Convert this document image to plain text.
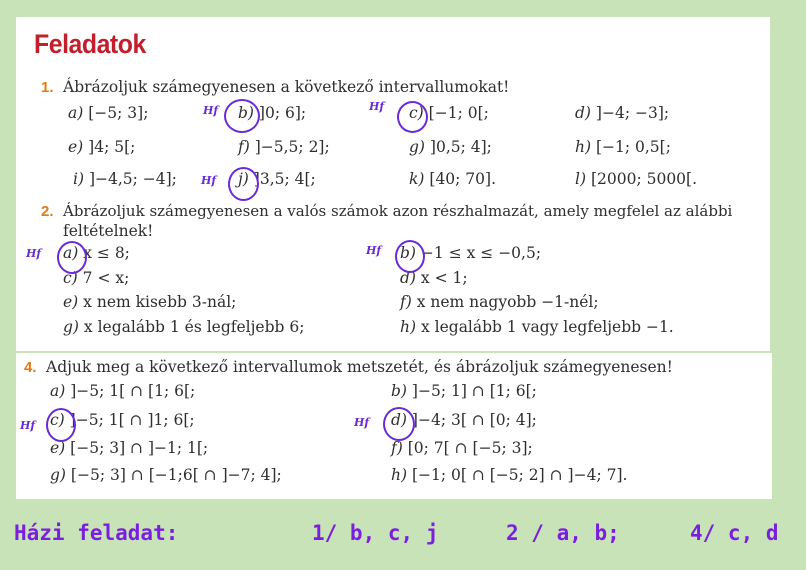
Feladatok
1. Ábrázoljuk számegyenesen a következő intervallumokat!
a) [−5; 3];	b) ]0; 6];	c) [−1; 0[;	d) ]−4; −3];
e) ]4; 5[;	f) ]−5,5; 2];	g) ]0,5; 4];	h) [−1; 0,5[;
i) ]−4,5; −4];	j) ]3,5; 4[;	k) [40; 70].	l) [2000; 5000[.
2. Ábrázoljuk számegyenesen a valós számok azon részhalmazát, amely megfelel az alábbi
feltételnek!
a) x ≤ 8;	b) −1 ≤ x ≤ −0,5;
c) 7 < x;	d) x < 1;
e) x nem kisebb 3-nál;	f) x nem nagyobb −1-nél;
g) x legalább 1 és legfeljebb 6;	h) x legalább 1 vagy legfeljebb −1.
4. Adjuk meg a következő intervallumok metszetét, és ábrázoljuk számegyenesen!
a) ]−5; 1[ ∩ [1; 6[;	b) ]−5; 1] ∩ [1; 6[;
c) ]−5; 1[ ∩ ]1; 6[;	d) ]−4; 3[ ∩ [0; 4];
e) [−5; 3] ∩ ]−1; 1[;	f) [0; 7[ ∩ [−5; 3];
g) [−5; 3] ∩ [−1;6[ ∩ ]−7; 4];	h) [−1; 0[ ∩ [−5; 2] ∩ ]−4; 7].
Hf	Hf
Hf
Hf	Hf
Hf	Hf
Házi feladat:	1/ b, c, j	2 / a, b;	4/ c, d
